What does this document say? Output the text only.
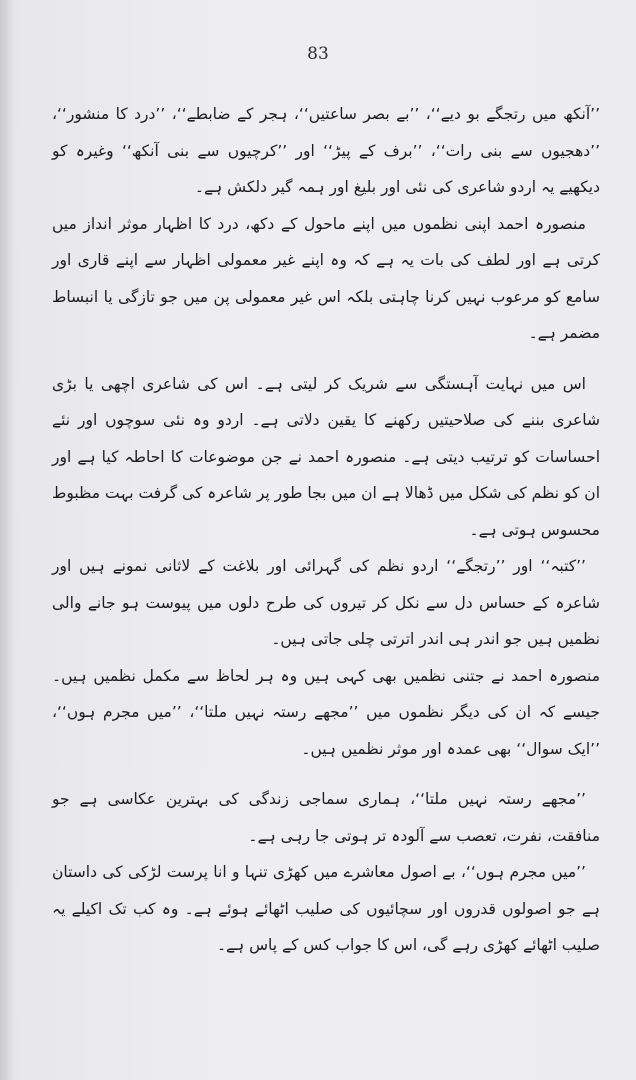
83

’’آنکھ میں رتجگے بو دیے‘‘، ’’بے بصر ساعتیں‘‘، ہجر کے ضابطے‘‘، ’’درد کا منشور‘‘، ’’دھجیوں سے بنی رات‘‘، ’’برف کے پیڑ‘‘ اور ’’کرچیوں سے بنی آنکھ‘‘ وغیرہ کو دیکھیے یہ اردو شاعری کی نئی اور بلیغ اور ہمہ گیر دلکش ہے۔

منصورہ احمد اپنی نظموں میں اپنے ماحول کے دکھ، درد کا اظہار موثر انداز میں کرتی ہے اور لطف کی بات یہ ہے کہ وہ اپنے غیر معمولی اظہار سے اپنے قاری اور سامع کو مرعوب نہیں کرنا چاہتی بلکہ اس غیر معمولی پن میں جو تازگی یا انبساط مضمر ہے۔

اس میں نہایت آہستگی سے شریک کر لیتی ہے۔ اس کی شاعری اچھی یا بڑی شاعری بننے کی صلاحیتیں رکھنے کا یقین دلاتی ہے۔ اردو وہ نئی سوچوں اور نئے احساسات کو ترتیب دیتی ہے۔ منصورہ احمد نے جن موضوعات کا احاطہ کیا ہے اور ان کو نظم کی شکل میں ڈھالا ہے ان میں بجا طور پر شاعرہ کی گرفت بہت مظبوط محسوس ہوتی ہے۔

’’کتبہ‘‘ اور ’’رتجگے‘‘ اردو نظم کی گہرائی اور بلاغت کے لاثانی نمونے ہیں اور شاعرہ کے حساس دل سے نکل کر تیروں کی طرح دلوں میں پیوست ہو جانے والی نظمیں ہیں جو اندر ہی اندر اترتی چلی جاتی ہیں۔

منصورہ احمد نے جتنی نظمیں بھی کہی ہیں وہ ہر لحاظ سے مکمل نظمیں ہیں۔ جیسے کہ ان کی دیگر نظموں میں ’’مجھے رستہ نہیں ملتا‘‘، ’’میں مجرم ہوں‘‘، ’’ایک سوال‘‘ بھی عمدہ اور موثر نظمیں ہیں۔

’’مجھے رستہ نہیں ملتا‘‘، ہماری سماجی زندگی کی بہترین عکاسی ہے جو منافقت، نفرت، تعصب سے آلودہ تر ہوتی جا رہی ہے۔

’’میں مجرم ہوں‘‘، بے اصول معاشرے میں کھڑی تنہا و انا پرست لڑکی کی داستان ہے جو اصولوں قدروں اور سچائیوں کی صلیب اٹھائے ہوئے ہے۔ وہ کب تک اکیلے یہ صلیب اٹھائے کھڑی رہے گی، اس کا جواب کس کے پاس ہے۔
